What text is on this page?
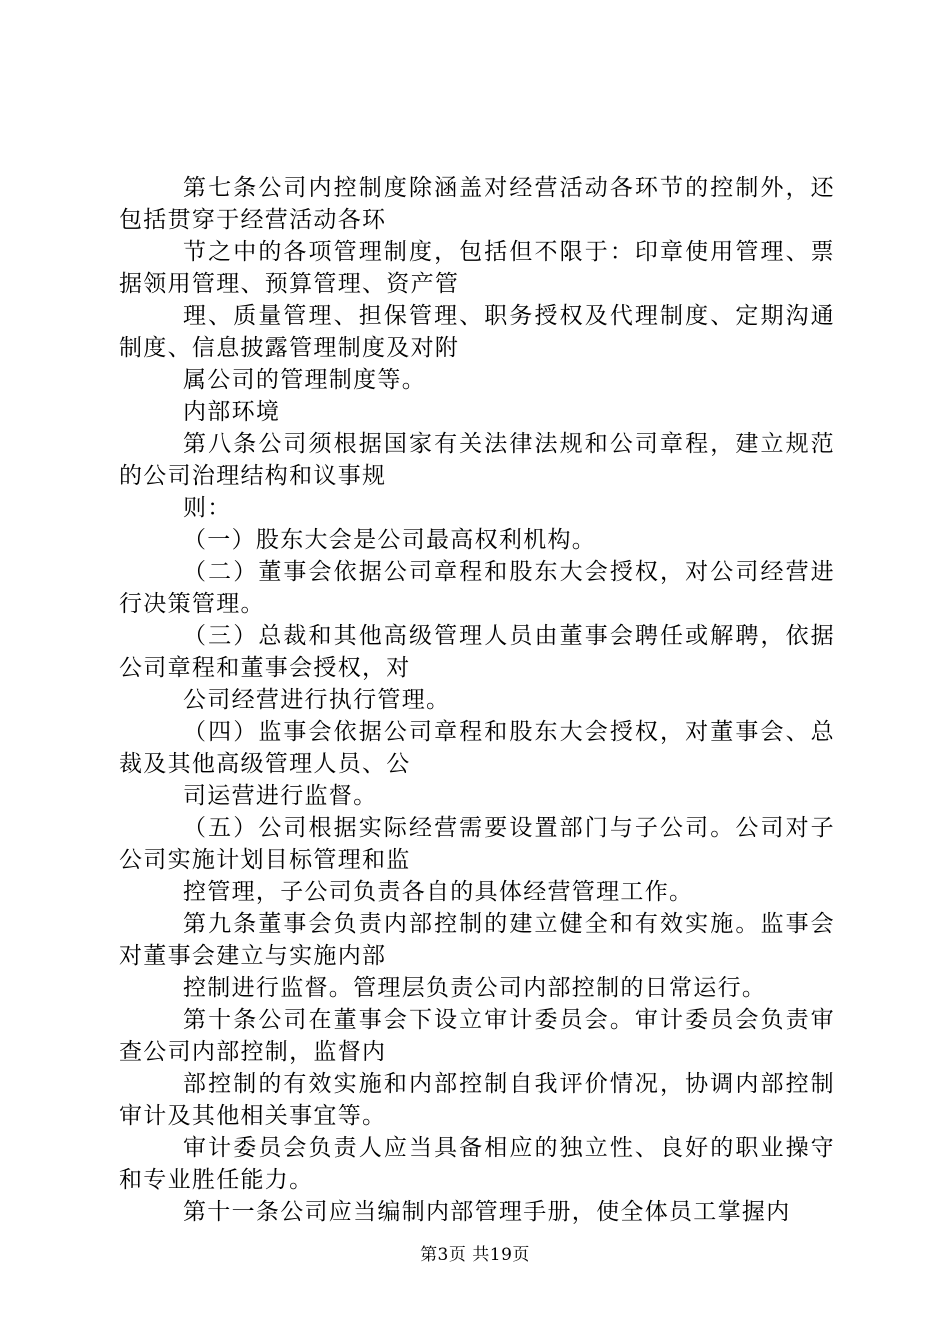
第七条公司内控制度除涵盖对经营活动各环节的控制外，还包括贯穿于经营活动各环

节之中的各项管理制度，包括但不限于：印章使用管理、票据领用管理、预算管理、资产管

理、质量管理、担保管理、职务授权及代理制度、定期沟通制度、信息披露管理制度及对附

属公司的管理制度等。

内部环境

第八条公司须根据国家有关法律法规和公司章程，建立规范的公司治理结构和议事规

则：

（一）股东大会是公司最高权利机构。

（二）董事会依据公司章程和股东大会授权，对公司经营进行决策管理。

（三）总裁和其他高级管理人员由董事会聘任或解聘，依据公司章程和董事会授权，对

公司经营进行执行管理。

（四）监事会依据公司章程和股东大会授权，对董事会、总裁及其他高级管理人员、公

司运营进行监督。

（五）公司根据实际经营需要设置部门与子公司。公司对子公司实施计划目标管理和监

控管理，子公司负责各自的具体经营管理工作。

第九条董事会负责内部控制的建立健全和有效实施。监事会对董事会建立与实施内部

控制进行监督。管理层负责公司内部控制的日常运行。

第十条公司在董事会下设立审计委员会。审计委员会负责审查公司内部控制，监督内

部控制的有效实施和内部控制自我评价情况，协调内部控制审计及其他相关事宜等。

审计委员会负责人应当具备相应的独立性、良好的职业操守和专业胜任能力。

第十一条公司应当编制内部管理手册，使全体员工掌握内

第3页 共19页
